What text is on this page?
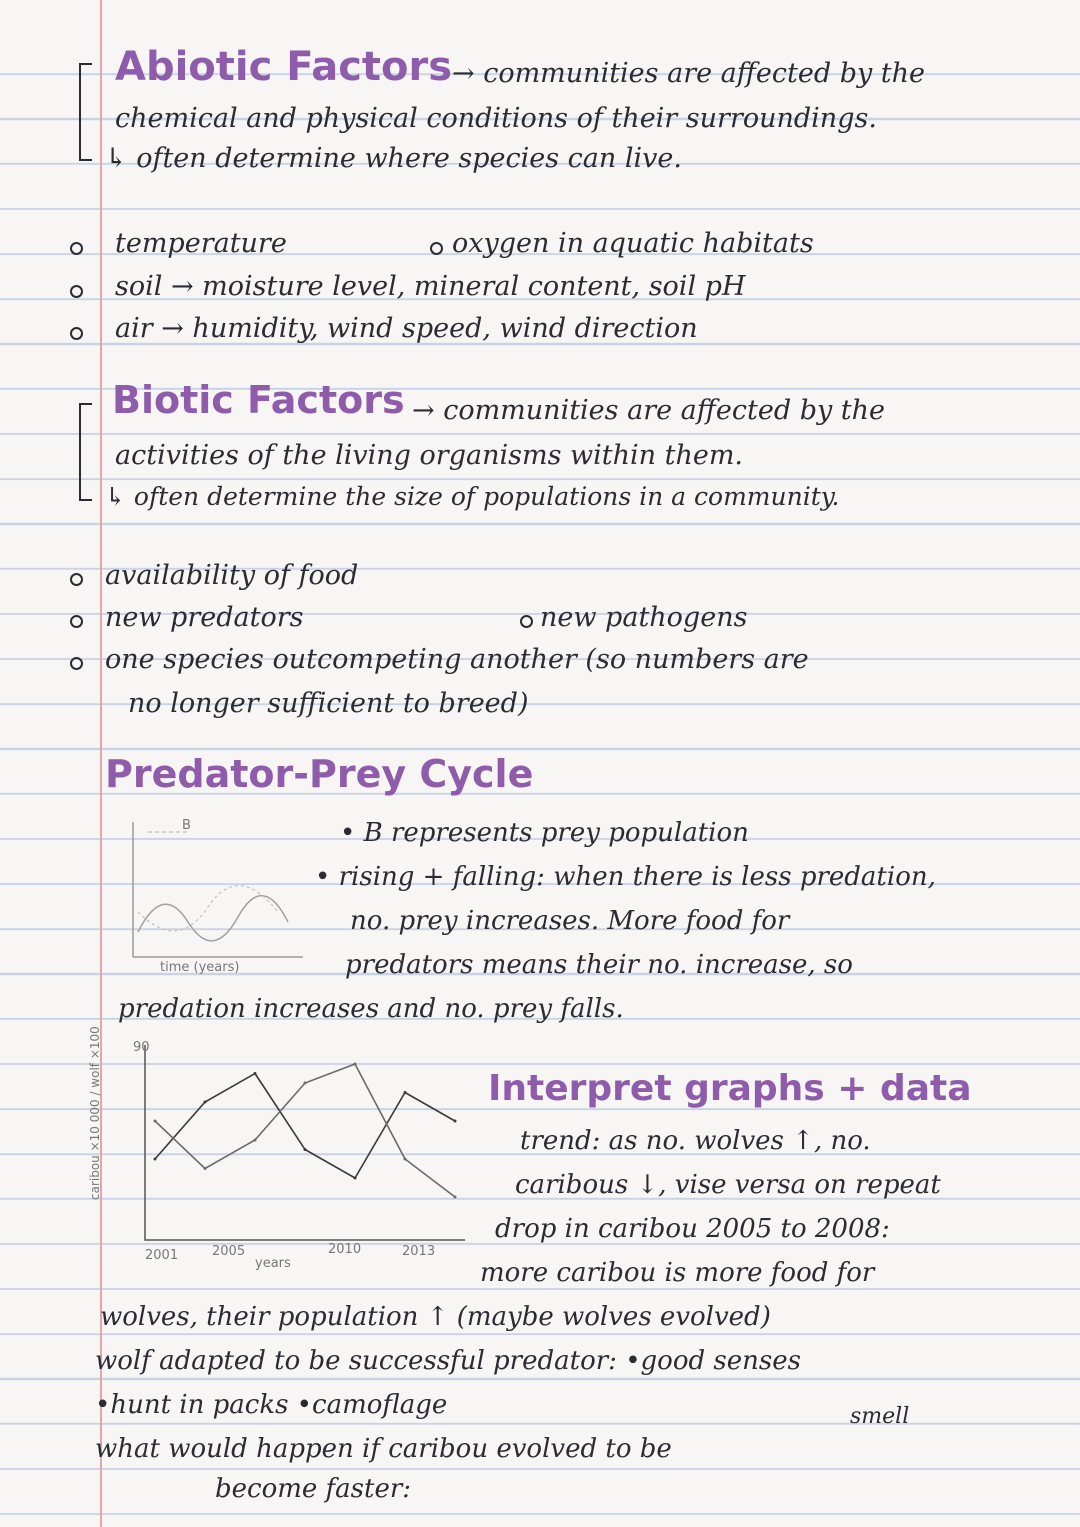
Abiotic Factors → communities are affected by the
chemical and physical conditions of their surroundings.
↳ often determine where species can live.
temperature	oxygen in aquatic habitats
soil → moisture level, mineral content, soil pH
air → humidity, wind speed, wind direction
Biotic Factors → communities are affected by the
activities of the living organisms within them.
↳ often determine the size of populations in a community.
availability of food
new predators	new pathogens
one species outcompeting another (so numbers are
no longer sufficient to breed)
Predator-Prey Cycle
B
time (years)
• B represents prey population
• rising + falling: when there is less predation,
no. prey increases. More food for
predators means their no. increase, so
predation increases and no. prey falls.
90
caribou ×10 000 / wolf ×100
2001	2005	2010	2013
years
Interpret graphs + data
trend: as no. wolves ↑, no.
caribous ↓, vise versa on repeat
drop in caribou 2005 to 2008:
more caribou is more food for
wolves, their population ↑ (maybe wolves evolved)
wolf adapted to be successful predator: •good senses
•hunt in packs •camoflage	smell
what would happen if caribou evolved to be
become faster:
